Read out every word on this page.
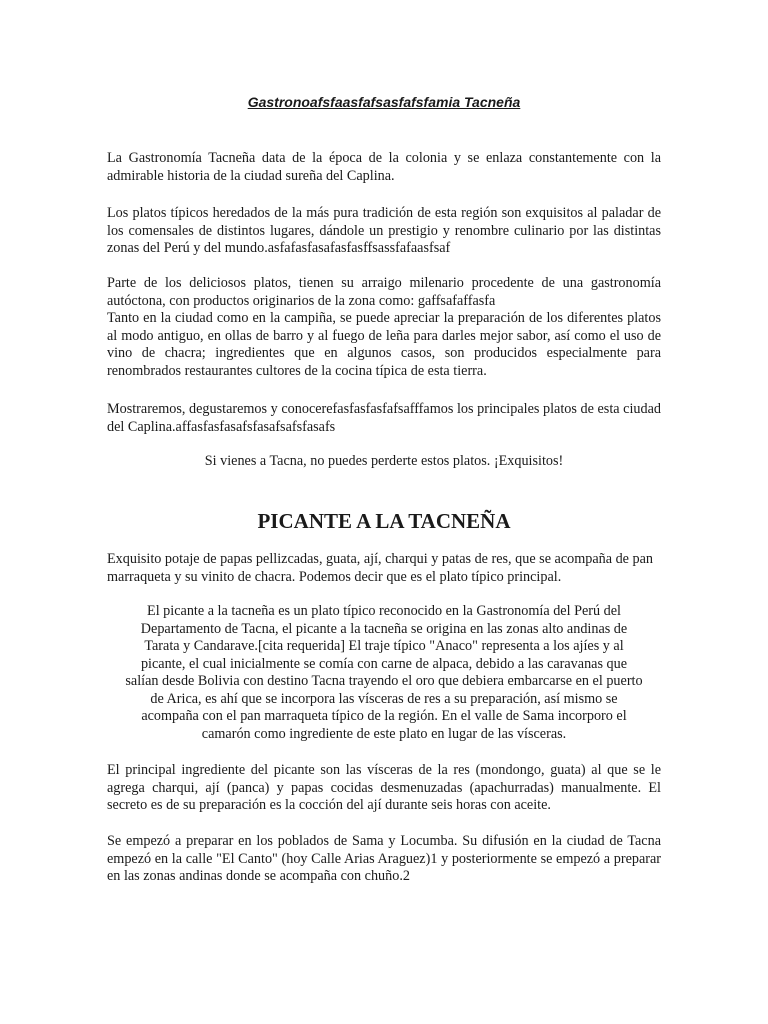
Gastronoafsfaasfafsasfafsfamia Tacneña

La Gastronomía Tacneña data de la época de la colonia y se enlaza constantemente con la admirable historia de la ciudad sureña del Caplina.

Los platos típicos heredados de la más pura tradición de esta región son exquisitos al paladar de los comensales de distintos lugares, dándole un prestigio y renombre culinario por las distintas zonas del Perú y del mundo.asfafasfasafasfasffsassfafaasfsaf

Parte de los deliciosos platos, tienen su arraigo milenario procedente de una gastronomía autóctona, con productos originarios de la zona como: gaffsafaffasfa

Tanto en la ciudad como en la campiña, se puede apreciar la preparación de los diferentes platos al modo antiguo, en ollas de barro y al fuego de leña para darles mejor sabor, así como el uso de vino de chacra; ingredientes que en algunos casos, son producidos especialmente para renombrados restaurantes cultores de la cocina típica de esta tierra.

Mostraremos, degustaremos y conocerefasfasfasfafsafffamos los principales platos de esta ciudad del Caplina.affasfasfasafsfasafsafsfasafs

Si vienes a Tacna, no puedes perderte estos platos. ¡Exquisitos!

PICANTE A LA TACNEÑA

Exquisito potaje de papas pellizcadas, guata, ají, charqui y patas de res, que se acompaña de pan marraqueta y su vinito de chacra. Podemos decir que es el plato típico principal.

El picante a la tacneña es un plato típico reconocido en la Gastronomía del Perú del Departamento de Tacna, el picante a la tacneña se origina en las zonas alto andinas de Tarata y Candarave.[cita requerida] El traje típico "Anaco" representa a los ajíes y al picante, el cual inicialmente se comía con carne de alpaca, debido a las caravanas que salían desde Bolivia con destino Tacna trayendo el oro que debiera embarcarse en el puerto de Arica, es ahí que se incorpora las vísceras de res a su preparación, así mismo se acompaña con el pan marraqueta típico de la región. En el valle de Sama incorporo el camarón como ingrediente de este plato en lugar de las vísceras.

El principal ingrediente del picante son las vísceras de la res (mondongo, guata) al que se le agrega charqui, ají (panca) y papas cocidas desmenuzadas (apachurradas) manualmente. El secreto es de su preparación es la cocción del ají durante seis horas con aceite.

Se empezó a preparar en los poblados de Sama y Locumba. Su difusión en la ciudad de Tacna empezó en la calle "El Canto" (hoy Calle Arias Araguez)1 y posteriormente se empezó a preparar en las zonas andinas donde se acompaña con chuño.2
